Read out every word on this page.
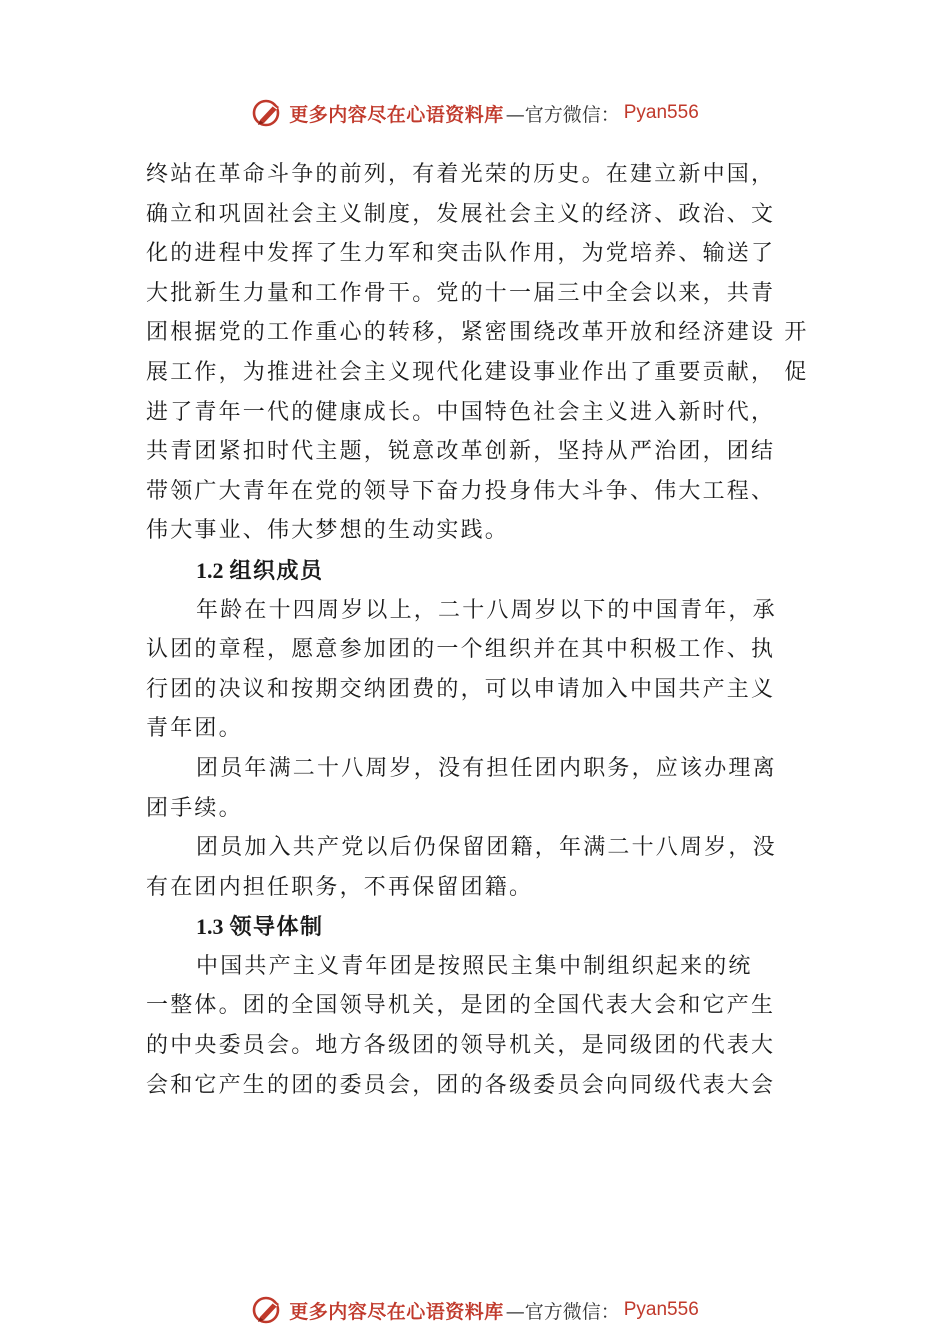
更多内容尽在心语资料库 —官方微信： Pyan556
终站在革命斗争的前列，有着光荣的历史。在建立新中国，
确立和巩固社会主义制度，发展社会主义的经济、政治、文
化的进程中发挥了生力军和突击队作用，为党培养、输送了
大批新生力量和工作骨干。党的十一届三中全会以来，共青
团根据党的工作重心的转移，紧密围绕改革开放和经济建设 开
展工作，为推进社会主义现代化建设事业作出了重要贡献， 促
进了青年一代的健康成长。中国特色社会主义进入新时代，
共青团紧扣时代主题，锐意改革创新，坚持从严治团，团结
带领广大青年在党的领导下奋力投身伟大斗争、伟大工程、
伟大事业、伟大梦想的生动实践。
1.2 组织成员
年龄在十四周岁以上，二十八周岁以下的中国青年，承
认团的章程，愿意参加团的一个组织并在其中积极工作、执
行团的决议和按期交纳团费的，可以申请加入中国共产主义
青年团。
团员年满二十八周岁，没有担任团内职务，应该办理离
团手续。
团员加入共产党以后仍保留团籍，年满二十八周岁，没
有在团内担任职务，不再保留团籍。
1.3 领导体制
中国共产主义青年团是按照民主集中制组织起来的统
一整体。团的全国领导机关，是团的全国代表大会和它产生
的中央委员会。地方各级团的领导机关，是同级团的代表大
会和它产生的团的委员会，团的各级委员会向同级代表大会
更多内容尽在心语资料库 —官方微信： Pyan556
